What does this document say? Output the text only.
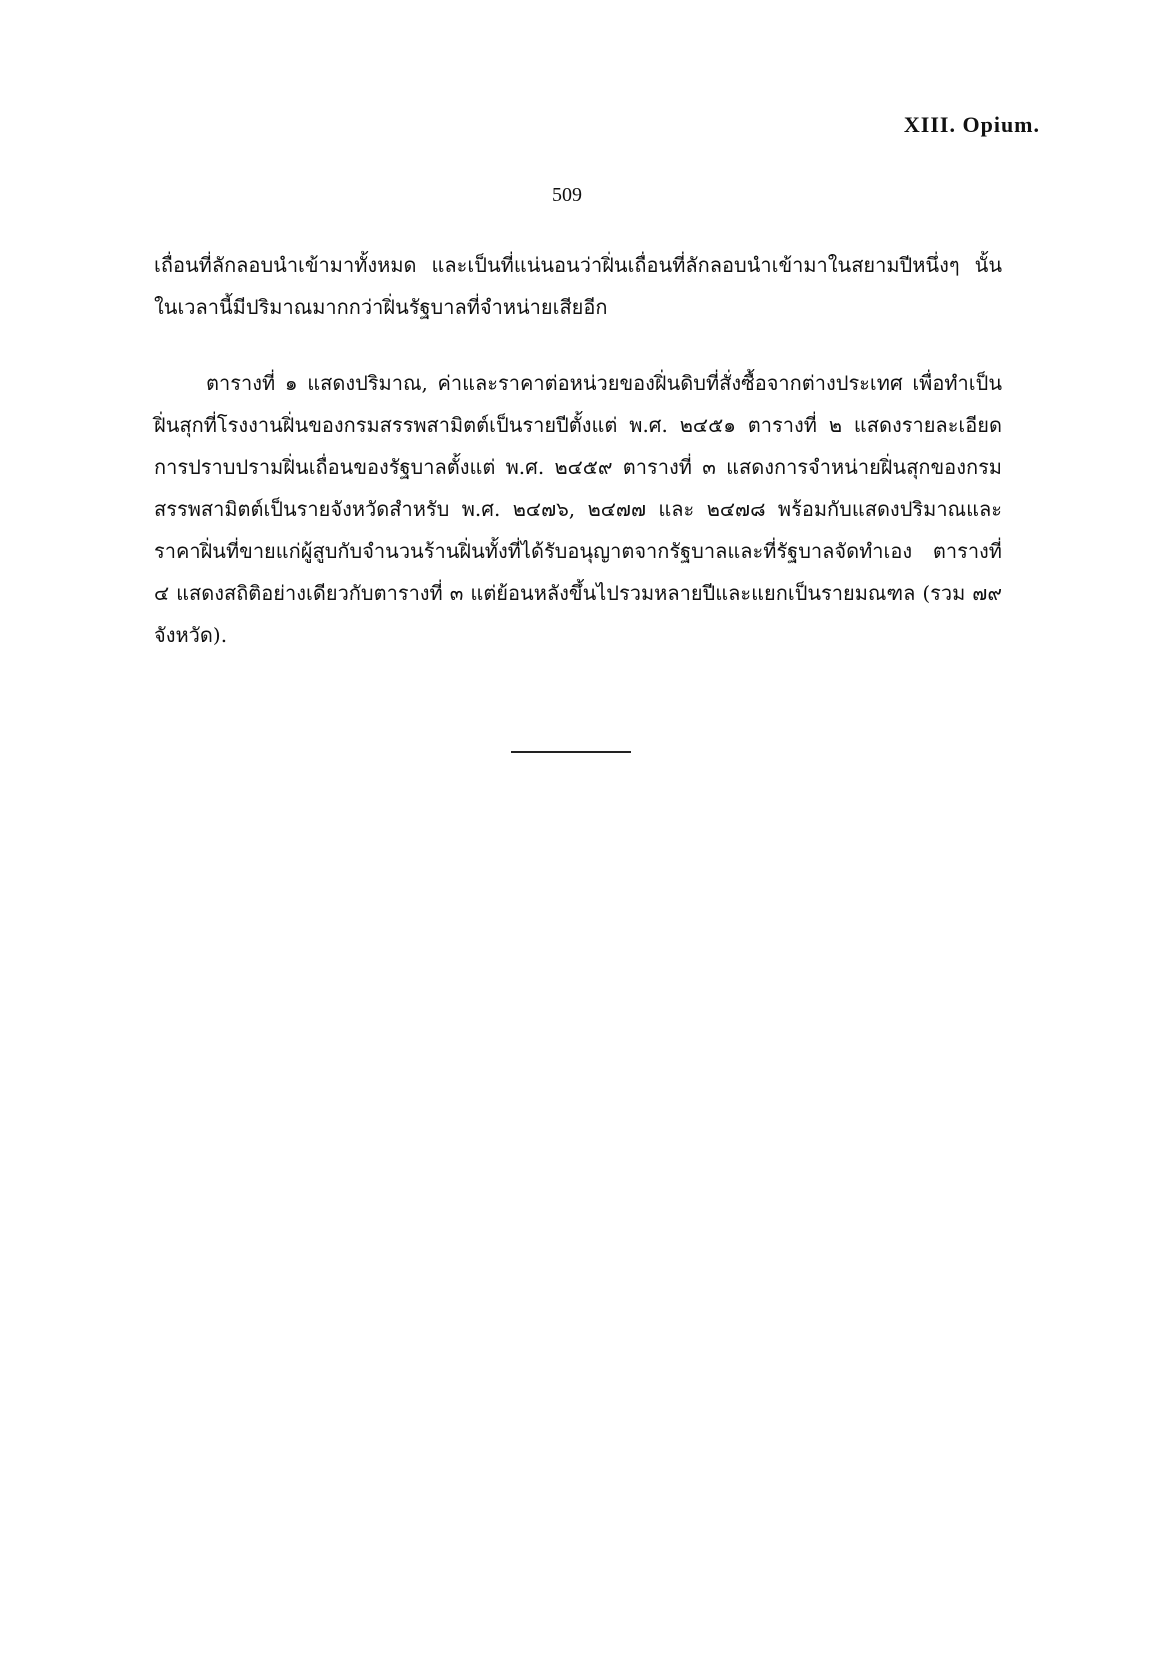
XIII. Opium.
509

เถื่อนที่ลักลอบนำเข้ามาทั้งหมด และเป็นที่แน่นอนว่าฝิ่นเถื่อนที่ลักลอบนำเข้ามาในสยามปีหนึ่งๆ นั้นในเวลานี้มีปริมาณมากกว่าฝิ่นรัฐบาลที่จำหน่ายเสียอีก

ตารางที่ ๑ แสดงปริมาณ, ค่าและราคาต่อหน่วยของฝิ่นดิบที่สั่งซื้อจากต่างประเทศ เพื่อทำเป็นฝิ่นสุกที่โรงงานฝิ่นของกรมสรรพสามิตต์เป็นรายปีตั้งแต่ พ.ศ. ๒๔๕๑ ตารางที่ ๒ แสดงรายละเอียดการปราบปรามฝิ่นเถื่อนของรัฐบาลตั้งแต่ พ.ศ. ๒๔๕๙ ตารางที่ ๓ แสดงการจำหน่ายฝิ่นสุกของกรมสรรพสามิตต์เป็นรายจังหวัดสำหรับ พ.ศ. ๒๔๗๖, ๒๔๗๗ และ ๒๔๗๘ พร้อมกับแสดงปริมาณและราคาฝิ่นที่ขายแก่ผู้สูบกับจำนวนร้านฝิ่นทั้งที่ได้รับอนุญาตจากรัฐบาลและที่รัฐบาลจัดทำเอง ตารางที่ ๔ แสดงสถิติอย่างเดียวกับตารางที่ ๓ แต่ย้อนหลังขึ้นไปรวมหลายปีและแยกเป็นรายมณฑล (รวม ๗๙ จังหวัด).
